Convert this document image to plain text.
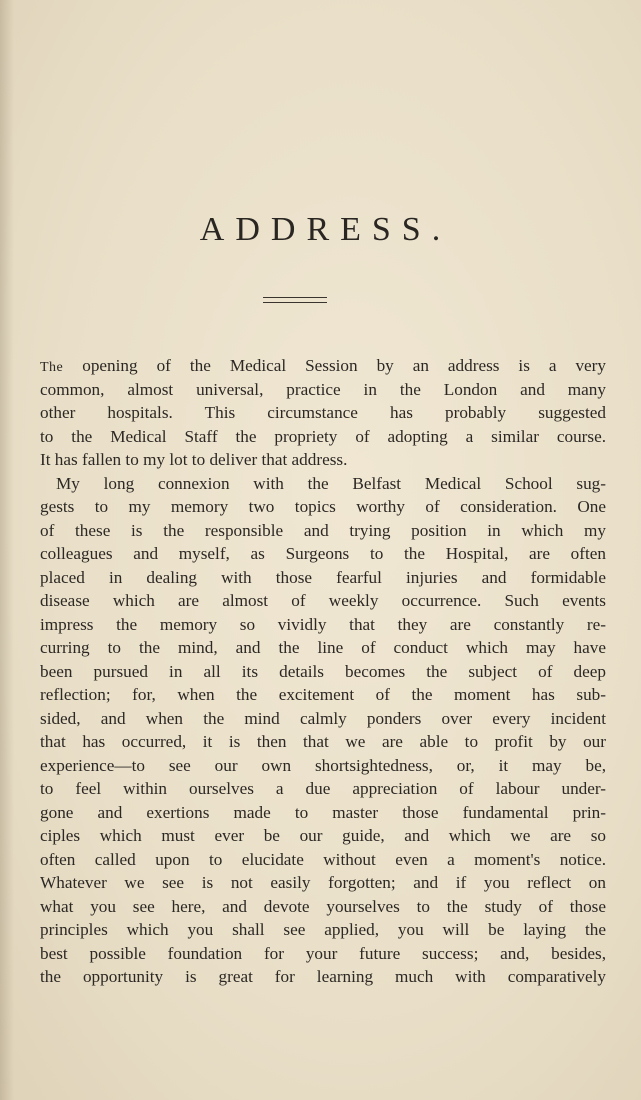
ADDRESS.
The opening of the Medical Session by an address is a very
common, almost universal, practice in the London and many
other hospitals. This circumstance has probably suggested
to the Medical Staff the propriety of adopting a similar course.
It has fallen to my lot to deliver that address.
My long connexion with the Belfast Medical School sug-
gests to my memory two topics worthy of consideration. One
of these is the responsible and trying position in which my
colleagues and myself, as Surgeons to the Hospital, are often
placed in dealing with those fearful injuries and formidable
disease which are almost of weekly occurrence. Such events
impress the memory so vividly that they are constantly re-
curring to the mind, and the line of conduct which may have
been pursued in all its details becomes the subject of deep
reflection; for, when the excitement of the moment has sub-
sided, and when the mind calmly ponders over every incident
that has occurred, it is then that we are able to profit by our
experience—to see our own shortsightedness, or, it may be,
to feel within ourselves a due appreciation of labour under-
gone and exertions made to master those fundamental prin-
ciples which must ever be our guide, and which we are so
often called upon to elucidate without even a moment's notice.
Whatever we see is not easily forgotten; and if you reflect on
what you see here, and devote yourselves to the study of those
principles which you shall see applied, you will be laying the
best possible foundation for your future success; and, besides,
the opportunity is great for learning much with comparatively
